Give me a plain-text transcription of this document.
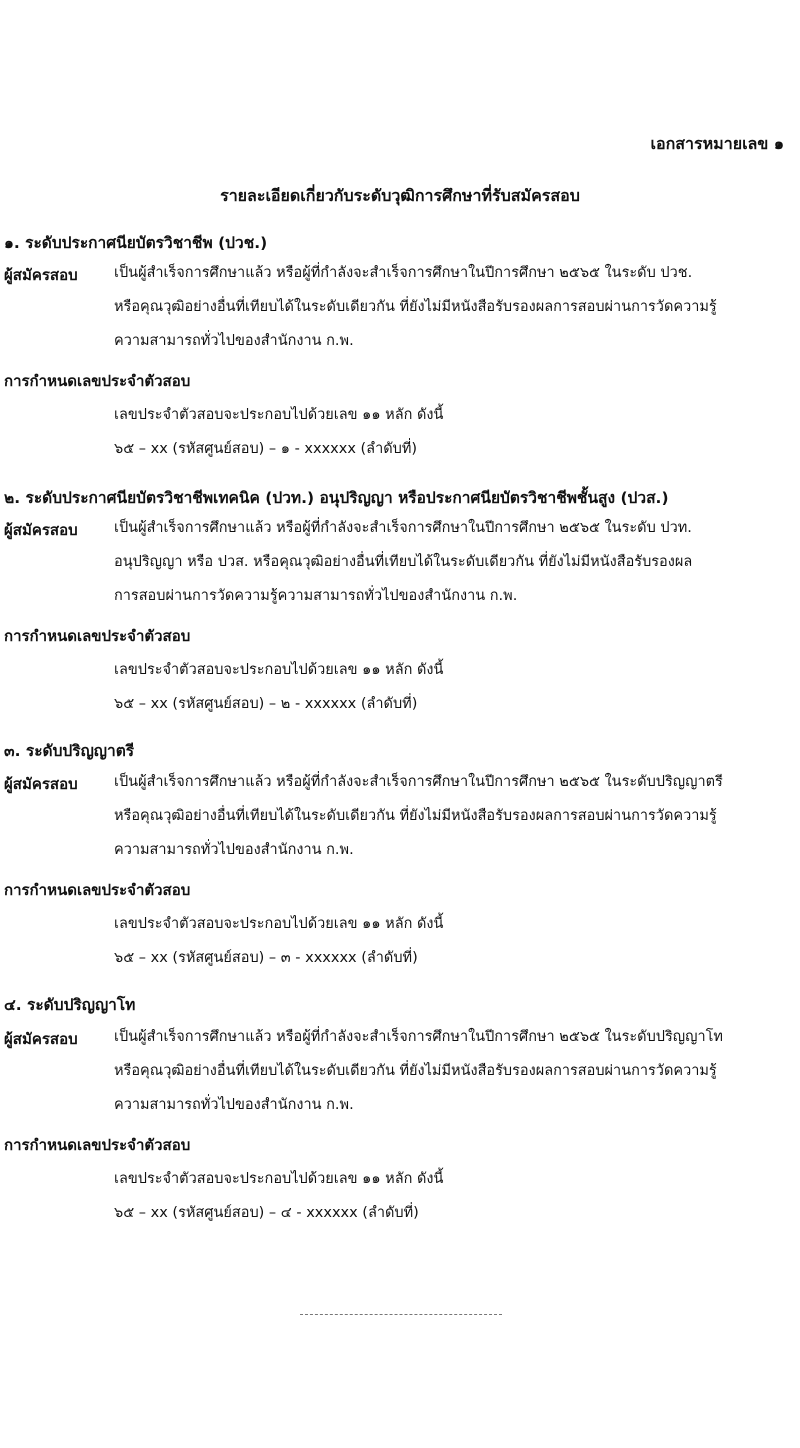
เอกสารหมายเลข ๑
รายละเอียดเกี่ยวกับระดับวุฒิการศึกษาที่รับสมัครสอบ
๑. ระดับประกาศนียบัตรวิชาชีพ (ปวช.)
ผู้สมัครสอบ	เป็นผู้สำเร็จการศึกษาแล้ว หรือผู้ที่กำลังจะสำเร็จการศึกษาในปีการศึกษา ๒๕๖๕ ในระดับ ปวช.
หรือคุณวุฒิอย่างอื่นที่เทียบได้ในระดับเดียวกัน ที่ยังไม่มีหนังสือรับรองผลการสอบผ่านการวัดความรู้
ความสามารถทั่วไปของสำนักงาน ก.พ.
การกำหนดเลขประจำตัวสอบ
เลขประจำตัวสอบจะประกอบไปด้วยเลข ๑๑ หลัก ดังนี้
๖๕ – xx (รหัสศูนย์สอบ) – ๑ - xxxxxx (ลำดับที่)
๒. ระดับประกาศนียบัตรวิชาชีพเทคนิค (ปวท.) อนุปริญญา หรือประกาศนียบัตรวิชาชีพชั้นสูง (ปวส.)
ผู้สมัครสอบ	เป็นผู้สำเร็จการศึกษาแล้ว หรือผู้ที่กำลังจะสำเร็จการศึกษาในปีการศึกษา ๒๕๖๕ ในระดับ ปวท.
อนุปริญญา หรือ ปวส. หรือคุณวุฒิอย่างอื่นที่เทียบได้ในระดับเดียวกัน ที่ยังไม่มีหนังสือรับรองผล
การสอบผ่านการวัดความรู้ความสามารถทั่วไปของสำนักงาน ก.พ.
การกำหนดเลขประจำตัวสอบ
เลขประจำตัวสอบจะประกอบไปด้วยเลข ๑๑ หลัก ดังนี้
๖๕ – xx (รหัสศูนย์สอบ) – ๒ - xxxxxx (ลำดับที่)
๓. ระดับปริญญาตรี
ผู้สมัครสอบ	เป็นผู้สำเร็จการศึกษาแล้ว หรือผู้ที่กำลังจะสำเร็จการศึกษาในปีการศึกษา ๒๕๖๕ ในระดับปริญญาตรี
หรือคุณวุฒิอย่างอื่นที่เทียบได้ในระดับเดียวกัน ที่ยังไม่มีหนังสือรับรองผลการสอบผ่านการวัดความรู้
ความสามารถทั่วไปของสำนักงาน ก.พ.
การกำหนดเลขประจำตัวสอบ
เลขประจำตัวสอบจะประกอบไปด้วยเลข ๑๑ หลัก ดังนี้
๖๕ – xx (รหัสศูนย์สอบ) – ๓ - xxxxxx (ลำดับที่)
๔. ระดับปริญญาโท
ผู้สมัครสอบ	เป็นผู้สำเร็จการศึกษาแล้ว หรือผู้ที่กำลังจะสำเร็จการศึกษาในปีการศึกษา ๒๕๖๕ ในระดับปริญญาโท
หรือคุณวุฒิอย่างอื่นที่เทียบได้ในระดับเดียวกัน ที่ยังไม่มีหนังสือรับรองผลการสอบผ่านการวัดความรู้
ความสามารถทั่วไปของสำนักงาน ก.พ.
การกำหนดเลขประจำตัวสอบ
เลขประจำตัวสอบจะประกอบไปด้วยเลข ๑๑ หลัก ดังนี้
๖๕ – xx (รหัสศูนย์สอบ) – ๔ - xxxxxx (ลำดับที่)
